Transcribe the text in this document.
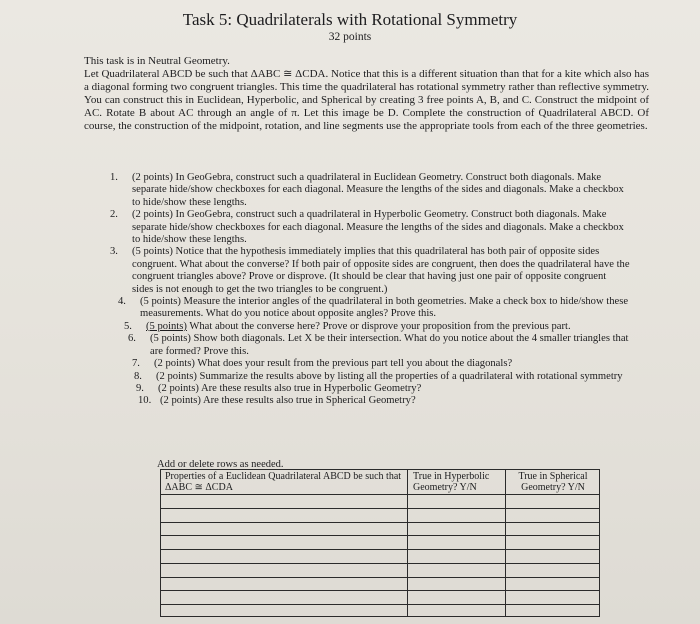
Task 5: Quadrilaterals with Rotational Symmetry
32 points

This task is in Neutral Geometry.

Let Quadrilateral ABCD be such that ΔABC ≅ ΔCDA. Notice that this is a different situation than that for a kite which also has a diagonal forming two congruent triangles. This time the quadrilateral has rotational symmetry rather than reflective symmetry. You can construct this in Euclidean, Hyperbolic, and Spherical by creating 3 free points A, B, and C. Construct the midpoint of AC. Rotate B about AC through an angle of π. Let this image be D. Complete the construction of Quadrilateral ABCD. Of course, the construction of the midpoint, rotation, and line segments use the appropriate tools from each of the three geometries.

1. (2 points) In GeoGebra, construct such a quadrilateral in Euclidean Geometry. Construct both diagonals. Make separate hide/show checkboxes for each diagonal. Measure the lengths of the sides and diagonals. Make a checkbox to hide/show these lengths.
2. (2 points) In GeoGebra, construct such a quadrilateral in Hyperbolic Geometry. Construct both diagonals. Make separate hide/show checkboxes for each diagonal. Measure the lengths of the sides and diagonals. Make a checkbox to hide/show these lengths.
3. (5 points) Notice that the hypothesis immediately implies that this quadrilateral has both pair of opposite sides congruent. What about the converse? If both pair of opposite sides are congruent, then does the quadrilateral have the congruent triangles above? Prove or disprove. (It should be clear that having just one pair of opposite congruent sides is not enough to get the two triangles to be congruent.)
4. (5 points) Measure the interior angles of the quadrilateral in both geometries. Make a check box to hide/show these measurements. What do you notice about opposite angles? Prove this.
5. (5 points) What about the converse here? Prove or disprove your proposition from the previous part.
6. (5 points) Show both diagonals. Let X be their intersection. What do you notice about the 4 smaller triangles that are formed? Prove this.
7. (2 points) What does your result from the previous part tell you about the diagonals?
8. (2 points) Summarize the results above by listing all the properties of a quadrilateral with rotational symmetry
9. (2 points) Are these results also true in Hyperbolic Geometry?
10. (2 points) Are these results also true in Spherical Geometry?
Add or delete rows as needed.
Properties of a Euclidean Quadrilateral ABCD be such that ΔABC ≅ ΔCDA
True in Hyperbolic Geometry? Y/N
True in Spherical Geometry? Y/N
